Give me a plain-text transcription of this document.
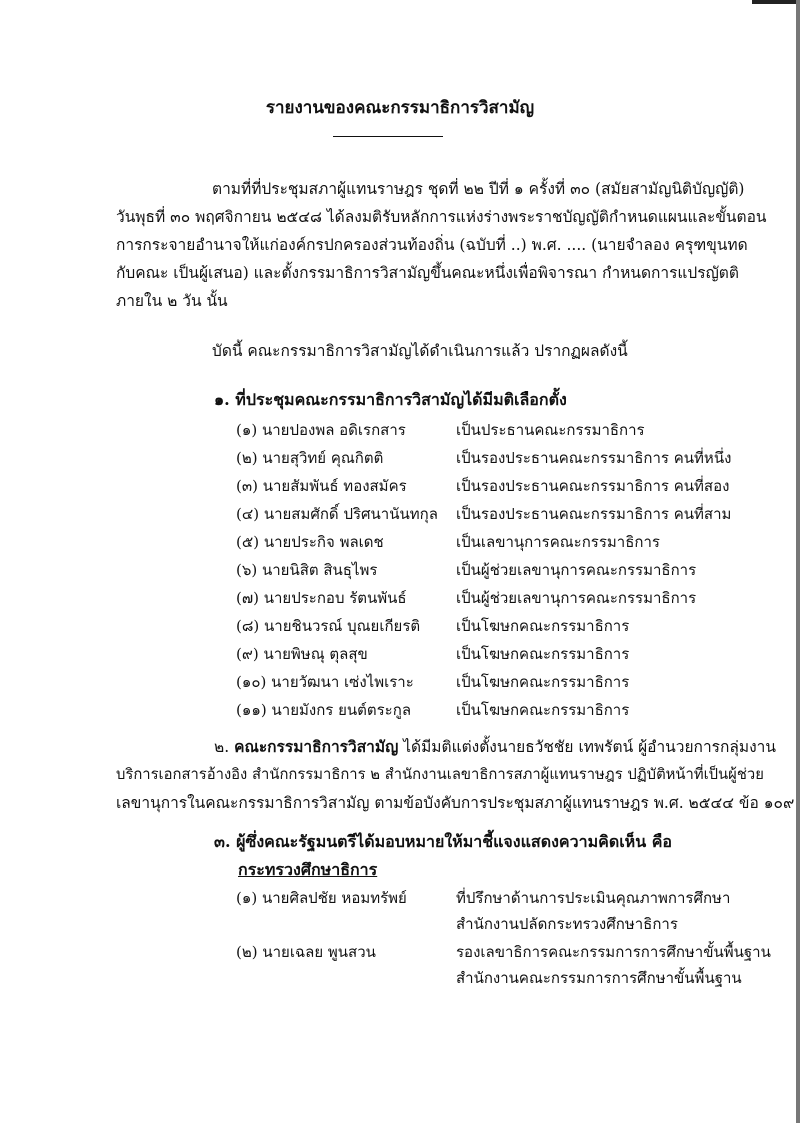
รายงานของคณะกรรมาธิการวิสามัญ
ตามที่ที่ประชุมสภาผู้แทนราษฎร ชุดที่ ๒๒ ปีที่ ๑ ครั้งที่ ๓๐ (สมัยสามัญนิติบัญญัติ)
วันพุธที่ ๓๐ พฤศจิกายน ๒๕๔๘ ได้ลงมติรับหลักการแห่งร่างพระราชบัญญัติกำหนดแผนและขั้นตอน
การกระจายอำนาจให้แก่องค์กรปกครองส่วนท้องถิ่น (ฉบับที่ ..) พ.ศ. .... (นายจำลอง ครุฑขุนทด
กับคณะ เป็นผู้เสนอ) และตั้งกรรมาธิการวิสามัญขึ้นคณะหนึ่งเพื่อพิจารณา กำหนดการแปรญัตติ
ภายใน ๒ วัน นั้น
บัดนี้ คณะกรรมาธิการวิสามัญได้ดำเนินการแล้ว ปรากฏผลดังนี้
๑. ที่ประชุมคณะกรรมาธิการวิสามัญได้มีมติเลือกตั้ง
(๑) นายปองพล อดิเรกสาร	เป็นประธานคณะกรรมาธิการ
(๒) นายสุวิทย์ คุณกิตติ	เป็นรองประธานคณะกรรมาธิการ คนที่หนึ่ง
(๓) นายสัมพันธ์ ทองสมัคร	เป็นรองประธานคณะกรรมาธิการ คนที่สอง
(๔) นายสมศักดิ์ ปริศนานันทกุล เป็นรองประธานคณะกรรมาธิการ คนที่สาม
(๕) นายประกิจ พลเดช	เป็นเลขานุการคณะกรรมาธิการ
(๖) นายนิสิต สินธุไพร	เป็นผู้ช่วยเลขานุการคณะกรรมาธิการ
(๗) นายประกอบ รัตนพันธ์	เป็นผู้ช่วยเลขานุการคณะกรรมาธิการ
(๘) นายชินวรณ์ บุณยเกียรติ เป็นโฆษกคณะกรรมาธิการ
(๙) นายพิษณุ ตุลสุข	เป็นโฆษกคณะกรรมาธิการ
(๑๐) นายวัฒนา เซ่งไพเราะ	เป็นโฆษกคณะกรรมาธิการ
(๑๑) นายมังกร ยนต์ตระกูล	เป็นโฆษกคณะกรรมาธิการ
๒. คณะกรรมาธิการวิสามัญ ได้มีมติแต่งตั้งนายธวัชชัย เทพรัตน์ ผู้อำนวยการกลุ่มงาน
บริการเอกสารอ้างอิง สำนักกรรมาธิการ ๒ สำนักงานเลขาธิการสภาผู้แทนราษฎร ปฏิบัติหน้าที่เป็นผู้ช่วย
เลขานุการในคณะกรรมาธิการวิสามัญ ตามข้อบังคับการประชุมสภาผู้แทนราษฎร พ.ศ. ๒๕๔๔ ข้อ ๑๐๙
๓. ผู้ซึ่งคณะรัฐมนตรีได้มอบหมายให้มาชี้แจงแสดงความคิดเห็น คือ
กระทรวงศึกษาธิการ
(๑) นายศิลปชัย หอมทรัพย์	ที่ปรึกษาด้านการประเมินคุณภาพการศึกษา
สำนักงานปลัดกระทรวงศึกษาธิการ
(๒) นายเฉลย พูนสวน	รองเลขาธิการคณะกรรมการการศึกษาขั้นพื้นฐาน
สำนักงานคณะกรรมการการศึกษาขั้นพื้นฐาน
